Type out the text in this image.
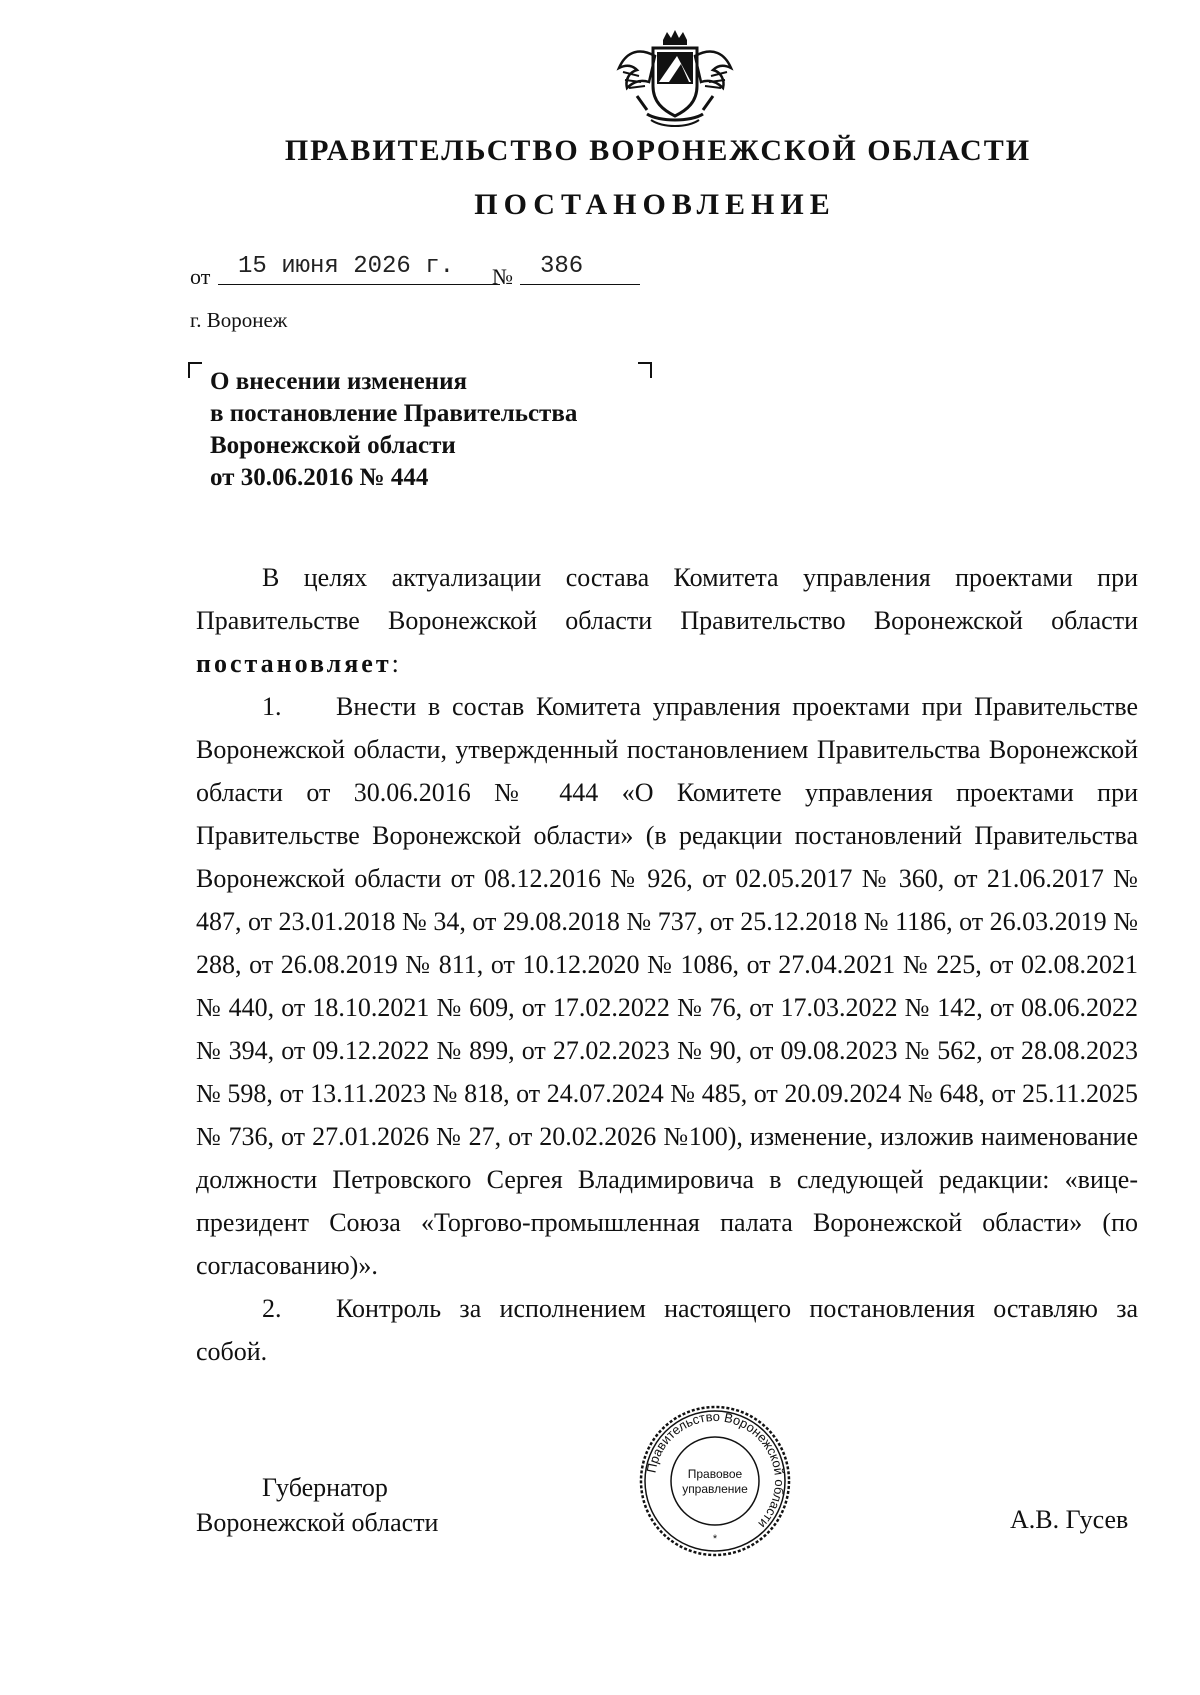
ПРАВИТЕЛЬСТВО ВОРОНЕЖСКОЙ ОБЛАСТИ
ПОСТАНОВЛЕНИЕ
от	15 июня 2026 г.	№	386
г. Воронеж
О внесении изменения
в постановление Правительства
Воронежской области
от 30.06.2016 № 444

В целях актуализации состава Комитета управления проектами при Правительстве Воронежской области Правительство Воронежской области постановляет:

1. Внести в состав Комитета управления проектами при Правительстве Воронежской области, утвержденный постановлением Правительства Воронежской области от 30.06.2016 № 444 «О Комитете управления проектами при Правительстве Воронежской области» (в редакции постановлений Правительства Воронежской области от 08.12.2016 № 926, от 02.05.2017 № 360, от 21.06.2017 № 487, от 23.01.2018 № 34, от 29.08.2018 № 737, от 25.12.2018 № 1186, от 26.03.2019 № 288, от 26.08.2019 № 811, от 10.12.2020 № 1086, от 27.04.2021 № 225, от 02.08.2021 № 440, от 18.10.2021 № 609, от 17.02.2022 № 76, от 17.03.2022 № 142, от 08.06.2022 № 394, от 09.12.2022 № 899, от 27.02.2023 № 90, от 09.08.2023 № 562, от 28.08.2023 № 598, от 13.11.2023 № 818, от 24.07.2024 № 485, от 20.09.2024 № 648, от 25.11.2025 № 736, от 27.01.2026 № 27, от 20.02.2026 №100), изменение, изложив наименование должности Петровского Сергея Владимировича в следующей редакции: «вице-президент Союза «Торгово-промышленная палата Воронежской области» (по согласованию)».

2. Контроль за исполнением настоящего постановления оставляю за собой.

Губернатор
Воронежской области
Правительство Воронежской области
Правовое
управление
*
А.В. Гусев
